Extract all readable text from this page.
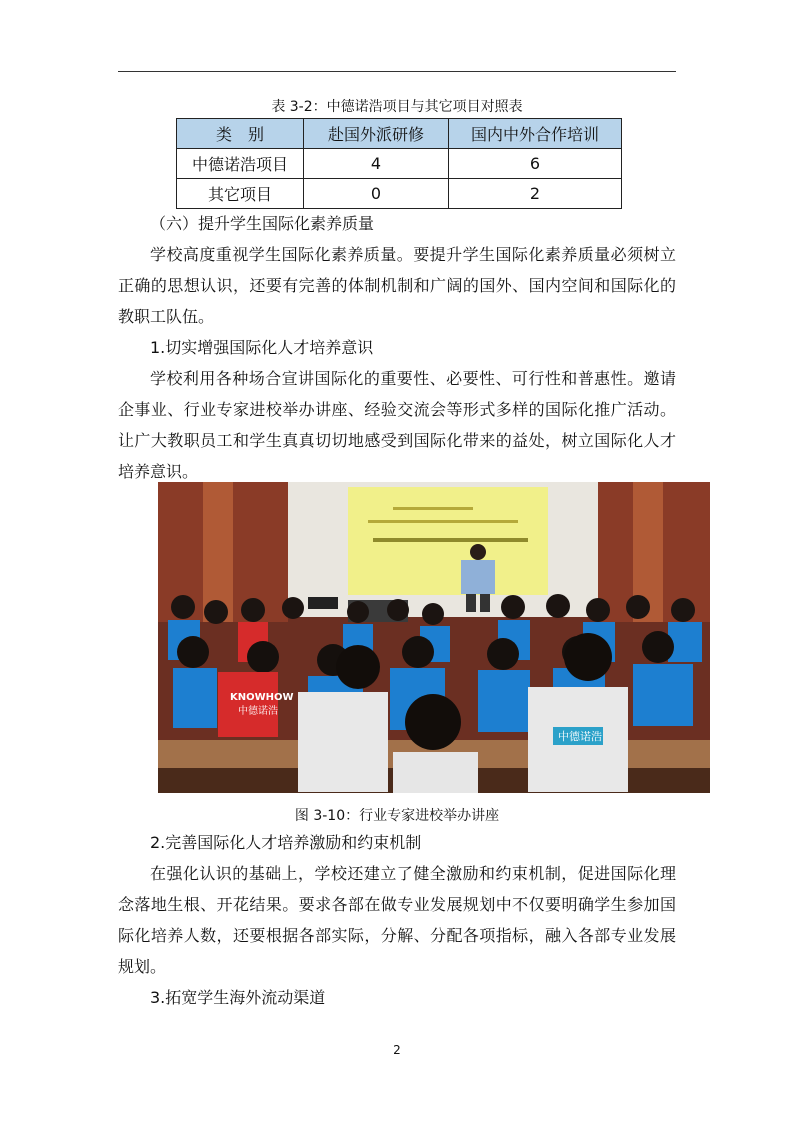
表 3-2：中德诺浩项目与其它项目对照表
类　别	赴国外派研修	国内中外合作培训
中德诺浩项目	4	6
其它项目	0	2

（六）提升学生国际化素养质量

学校高度重视学生国际化素养质量。要提升学生国际化素养质量必须树立正确的思想认识，还要有完善的体制机制和广阔的国外、国内空间和国际化的教职工队伍。

1.切实增强国际化人才培养意识

学校利用各种场合宣讲国际化的重要性、必要性、可行性和普惠性。邀请企事业、行业专家进校举办讲座、经验交流会等形式多样的国际化推广活动。让广大教职员工和学生真真切切地感受到国际化带来的益处，树立国际化人才培养意识。

KNOWHOW
中德诺浩
中德诺浩
图 3-10：行业专家进校举办讲座

2.完善国际化人才培养激励和约束机制

在强化认识的基础上，学校还建立了健全激励和约束机制，促进国际化理念落地生根、开花结果。要求各部在做专业发展规划中不仅要明确学生参加国际化培养人数，还要根据各部实际，分解、分配各项指标，融入各部专业发展规划。

3.拓宽学生海外流动渠道

2
